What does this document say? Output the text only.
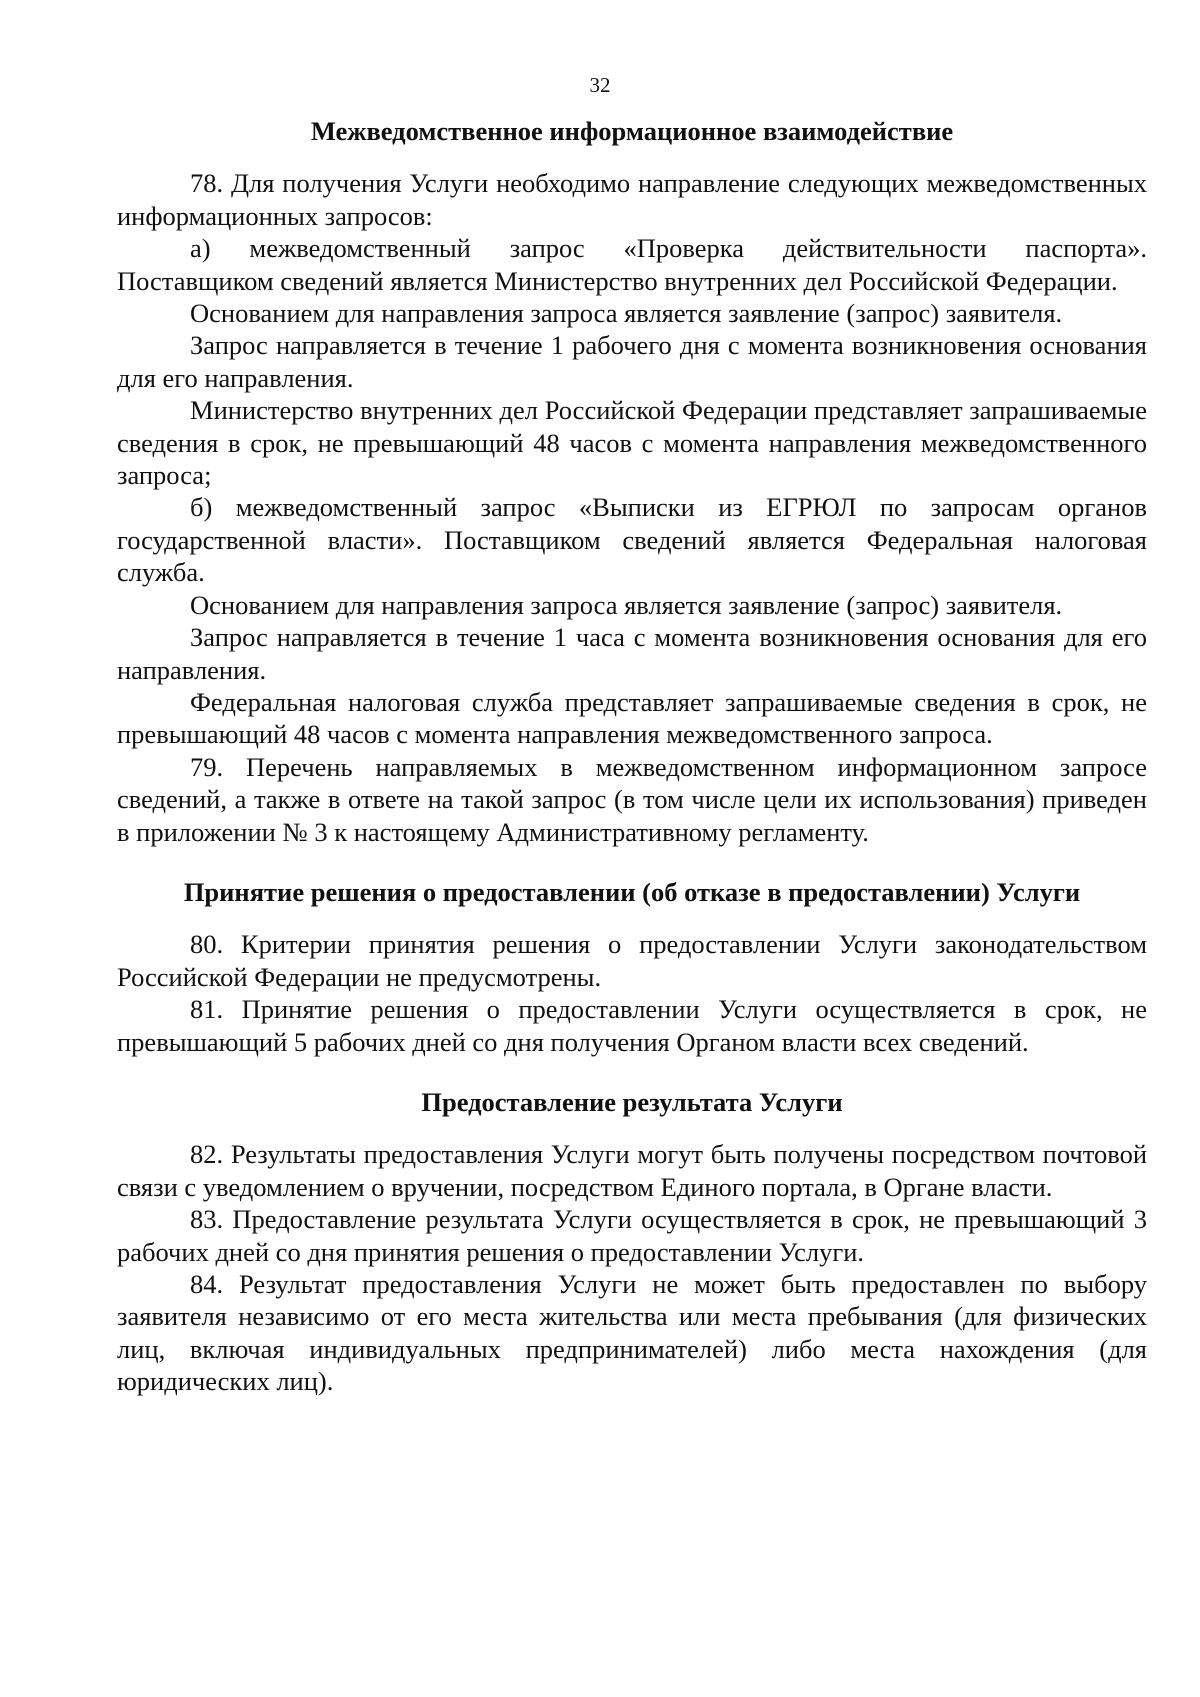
32
Межведомственное информационное взаимодействие

78. Для получения Услуги необходимо направление следующих межведомственных информационных запросов:

а) межведомственный запрос «Проверка действительности паспорта». Поставщиком сведений является Министерство внутренних дел Российской Федерации.

Основанием для направления запроса является заявление (запрос) заявителя.

Запрос направляется в течение 1 рабочего дня с момента возникновения основания для его направления.

Министерство внутренних дел Российской Федерации представляет запрашиваемые сведения в срок, не превышающий 48 часов с момента направления межведомственного запроса;

б) межведомственный запрос «Выписки из ЕГРЮЛ по запросам органов государственной власти». Поставщиком сведений является Федеральная налоговая служба.

Основанием для направления запроса является заявление (запрос) заявителя.

Запрос направляется в течение 1 часа с момента возникновения основания для его направления.

Федеральная налоговая служба представляет запрашиваемые сведения в срок, не превышающий 48 часов с момента направления межведомственного запроса.

79. Перечень направляемых в межведомственном информационном запросе сведений, а также в ответе на такой запрос (в том числе цели их использования) приведен в приложении № 3 к настоящему Административному регламенту.

Принятие решения о предоставлении (об отказе в предоставлении) Услуги

80. Критерии принятия решения о предоставлении Услуги законодательством Российской Федерации не предусмотрены.

81. Принятие решения о предоставлении Услуги осуществляется в срок, не превышающий 5 рабочих дней со дня получения Органом власти всех сведений.

Предоставление результата Услуги

82. Результаты предоставления Услуги могут быть получены посредством почтовой связи с уведомлением о вручении, посредством Единого портала, в Органе власти.

83. Предоставление результата Услуги осуществляется в срок, не превышающий 3 рабочих дней со дня принятия решения о предоставлении Услуги.

84. Результат предоставления Услуги не может быть предоставлен по выбору заявителя независимо от его места жительства или места пребывания (для физических лиц, включая индивидуальных предпринимателей) либо места нахождения (для юридических лиц).
